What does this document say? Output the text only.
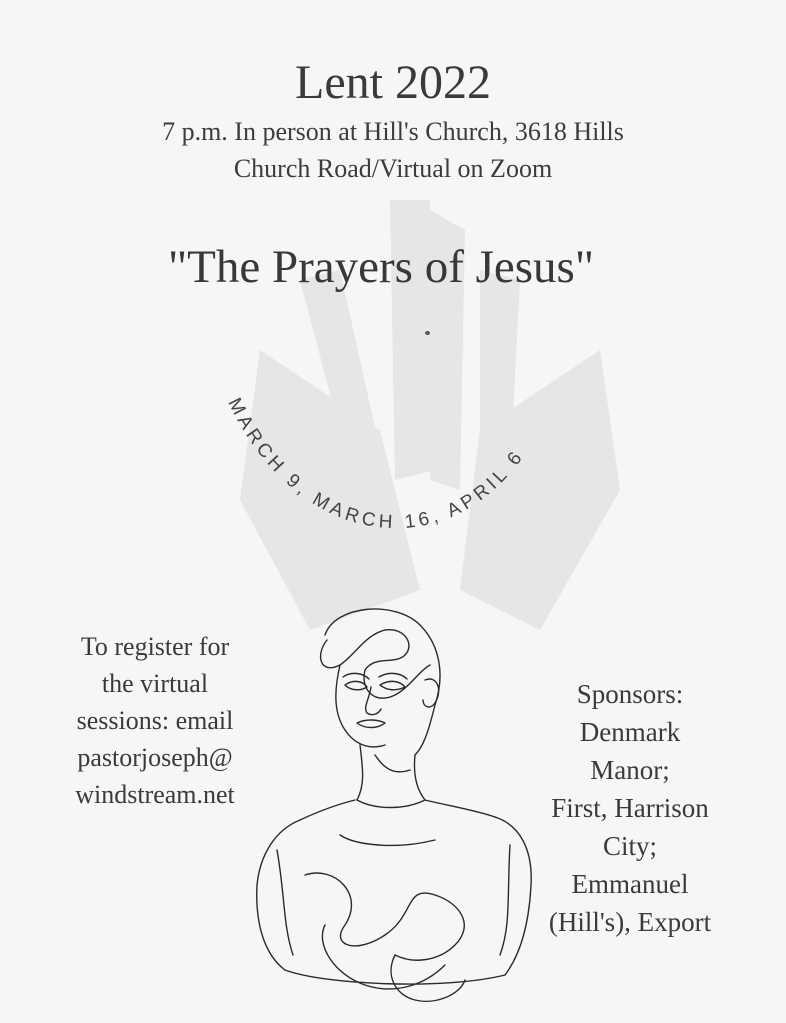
Lent 2022
7 p.m. In person at Hill's Church, 3618 Hills
Church Road/Virtual on Zoom
"The Prayers of Jesus"
MARCH 9, MARCH 16, APRIL 6
To register for
the virtual
sessions: email
pastorjoseph@
windstream.net
Sponsors:
Denmark
Manor;
First, Harrison
City;
Emmanuel
(Hill's), Export
